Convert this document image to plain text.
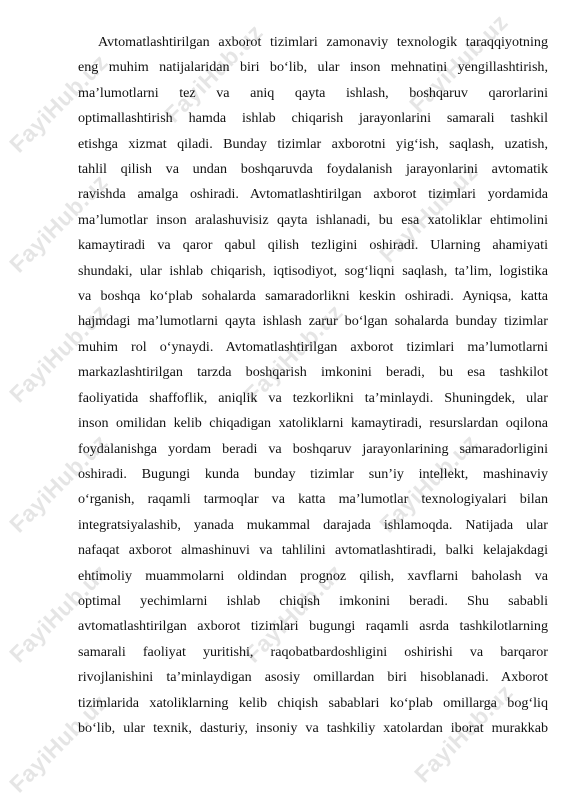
FayiHub.uz FayiHub.uz	FayiHub.uz
FayiHub.uz	FayiHub.uz
FayiHub.uz	FayiHub.uz
FayiHub.uz	FayiHub.uz
FayiHub.uz	FayiHub.uz
FayiHub.uz	FayiHub.uz
Avtomatlashtirilgan axborot tizimlari zamonaviy texnologik taraqqiyotning
eng muhim natijalaridan biri bo‘lib, ular inson mehnatini yengillashtirish,
ma’lumotlarni tez va aniq qayta ishlash, boshqaruv qarorlarini
optimallashtirish hamda ishlab chiqarish jarayonlarini samarali tashkil
etishga xizmat qiladi. Bunday tizimlar axborotni yig‘ish, saqlash, uzatish,
tahlil qilish va undan boshqaruvda foydalanish jarayonlarini avtomatik
ravishda amalga oshiradi. Avtomatlashtirilgan axborot tizimlari yordamida
ma’lumotlar inson aralashuvisiz qayta ishlanadi, bu esa xatoliklar ehtimolini
kamaytiradi va qaror qabul qilish tezligini oshiradi. Ularning ahamiyati
shundaki, ular ishlab chiqarish, iqtisodiyot, sog‘liqni saqlash, ta’lim, logistika
va boshqa ko‘plab sohalarda samaradorlikni keskin oshiradi. Ayniqsa, katta
hajmdagi ma’lumotlarni qayta ishlash zarur bo‘lgan sohalarda bunday tizimlar
muhim rol o‘ynaydi. Avtomatlashtirilgan axborot tizimlari ma’lumotlarni
markazlashtirilgan tarzda boshqarish imkonini beradi, bu esa tashkilot
faoliyatida shaffoflik, aniqlik va tezkorlikni ta’minlaydi. Shuningdek, ular
inson omilidan kelib chiqadigan xatoliklarni kamaytiradi, resurslardan oqilona
foydalanishga yordam beradi va boshqaruv jarayonlarining samaradorligini
oshiradi. Bugungi kunda bunday tizimlar sun’iy intellekt, mashinaviy
o‘rganish, raqamli tarmoqlar va katta ma’lumotlar texnologiyalari bilan
integratsiyalashib, yanada mukammal darajada ishlamoqda. Natijada ular
nafaqat axborot almashinuvi va tahlilini avtomatlashtiradi, balki kelajakdagi
ehtimoliy muammolarni oldindan prognoz qilish, xavflarni baholash va
optimal yechimlarni ishlab chiqish imkonini beradi. Shu sababli
avtomatlashtirilgan axborot tizimlari bugungi raqamli asrda tashkilotlarning
samarali faoliyat yuritishi, raqobatbardoshligini oshirishi va barqaror
rivojlanishini ta’minlaydigan asosiy omillardan biri hisoblanadi. Axborot
tizimlarida xatoliklarning kelib chiqish sabablari ko‘plab omillarga bog‘liq
bo‘lib, ular texnik, dasturiy, insoniy va tashkiliy xatolardan iborat murakkab
